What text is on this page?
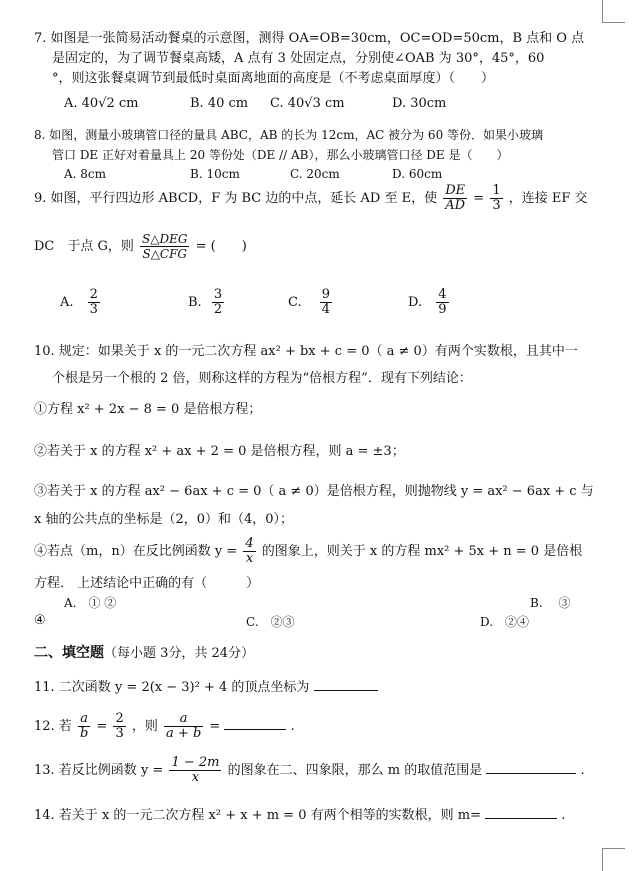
7. 如图是一张简易活动餐桌的示意图，测得 OA=OB=30cm，OC=OD=50cm，B 点和 O 点
是固定的，为了调节餐桌高矮，A 点有 3 处固定点，分别使∠OAB 为 30°，45°，60
°，则这张餐桌调节到最低时桌面离地面的高度是（不考虑桌面厚度）（　　）
A. 40√2 cm	B. 40 cm C. 40√3 cm	D. 30cm
8. 如图，测量小玻璃管口径的量具 ABC，AB 的长为 12cm，AC 被分为 60 等份．如果小玻璃
管口 DE 正好对着量具上 20 等份处（DE // AB），那么小玻璃管口径 DE 是（　　）
A. 8cm	B. 10cm	C. 20cm	D. 60cm
9. 如图，平行四边形 ABCD，F 为 BC 边的中点，延长 AD 至 E，使 $\frac{DE}{AD} = \frac{1}{3}$ ，连接 EF 交
DC　于点 G，则 $\frac{\text{S△DEG}}{\text{S△CFG}}$ = (　　)
A. $\frac{2}{3}$	B. $\frac{3}{2}$	C. $\frac{9}{4}$	D. $\frac{4}{9}$
10. 规定：如果关于 x 的一元二次方程 ax² + bx + c = 0（ a ≠ 0）有两个实数根，且其中一
个根是另一个根的 2 倍，则称这样的方程为“倍根方程”．现有下列结论：
①方程 x² + 2x − 8 = 0 是倍根方程；
②若关于 x 的方程 x² + ax + 2 = 0 是倍根方程，则 a = ±3；
③若关于 x 的方程 ax² − 6ax + c = 0（ a ≠ 0）是倍根方程，则抛物线 y = ax² − 6ax + c 与
x 轴的公共点的坐标是（2，0）和（4，0）；
④若点（m，n）在反比例函数 $y = \frac{4}{x}$ 的图象上，则关于 x 的方程 mx² + 5x + n = 0 是倍根
方程． 上述结论中正确的有（　　　）
A.　① ②	B.　 ③
④	C.　②③	D.　②④
二、填空题（每小题 3分，共 24分）
11. 二次函数 y = 2(x − 3)² + 4 的顶点坐标为
12. 若 $\frac{a}{b} = \frac{2}{3}$ ，则 $\frac{a}{a + b}$ =	.
13. 若反比例函数 $y = \frac{1 - 2m}{x}$ 的图象在二、四象限，那么 m 的取值范围是	.
14. 若关于 x 的一元二次方程 x² + x + m = 0 有两个相等的实数根，则 m=	.
